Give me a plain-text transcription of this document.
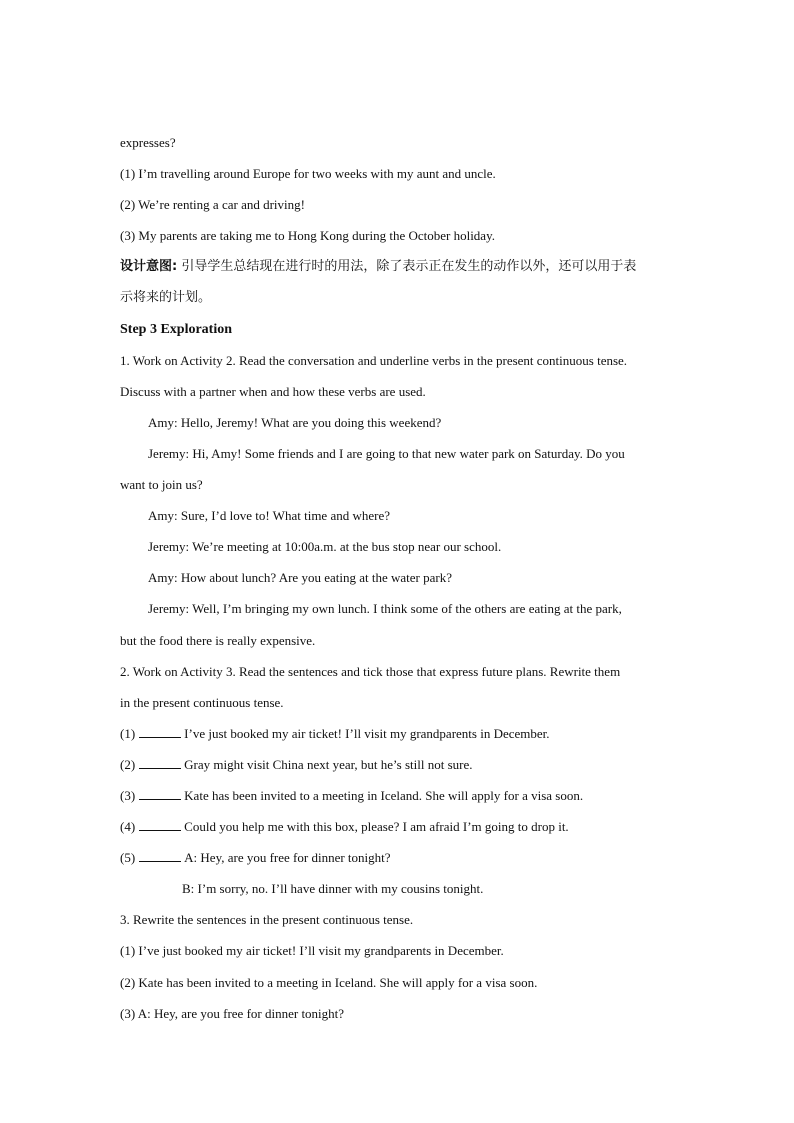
expresses?
(1) I’m travelling around Europe for two weeks with my aunt and uncle.
(2) We’re renting a car and driving!
(3) My parents are taking me to Hong Kong during the October holiday.
设计意图: 引导学生总结现在进行时的用法，除了表示正在发生的动作以外，还可以用于表
示将来的计划。
Step 3 Exploration
1. Work on Activity 2. Read the conversation and underline verbs in the present continuous tense.
Discuss with a partner when and how these verbs are used.
Amy: Hello, Jeremy! What are you doing this weekend?
Jeremy: Hi, Amy! Some friends and I are going to that new water park on Saturday. Do you
want to join us?
Amy: Sure, I’d love to! What time and where?
Jeremy: We’re meeting at 10:00a.m. at the bus stop near our school.
Amy: How about lunch? Are you eating at the water park?
Jeremy: Well, I’m bringing my own lunch. I think some of the others are eating at the park,
but the food there is really expensive.
2. Work on Activity 3. Read the sentences and tick those that express future plans. Rewrite them
in the present continuous tense.
(1)	I’ve just booked my air ticket! I’ll visit my grandparents in December.
(2)	Gray might visit China next year, but he’s still not sure.
(3)	Kate has been invited to a meeting in Iceland. She will apply for a visa soon.
(4)	Could you help me with this box, please? I am afraid I’m going to drop it.
(5)	A: Hey, are you free for dinner tonight?
B: I’m sorry, no. I’ll have dinner with my cousins tonight.
3. Rewrite the sentences in the present continuous tense.
(1) I’ve just booked my air ticket! I’ll visit my grandparents in December.
(2) Kate has been invited to a meeting in Iceland. She will apply for a visa soon.
(3) A: Hey, are you free for dinner tonight?
